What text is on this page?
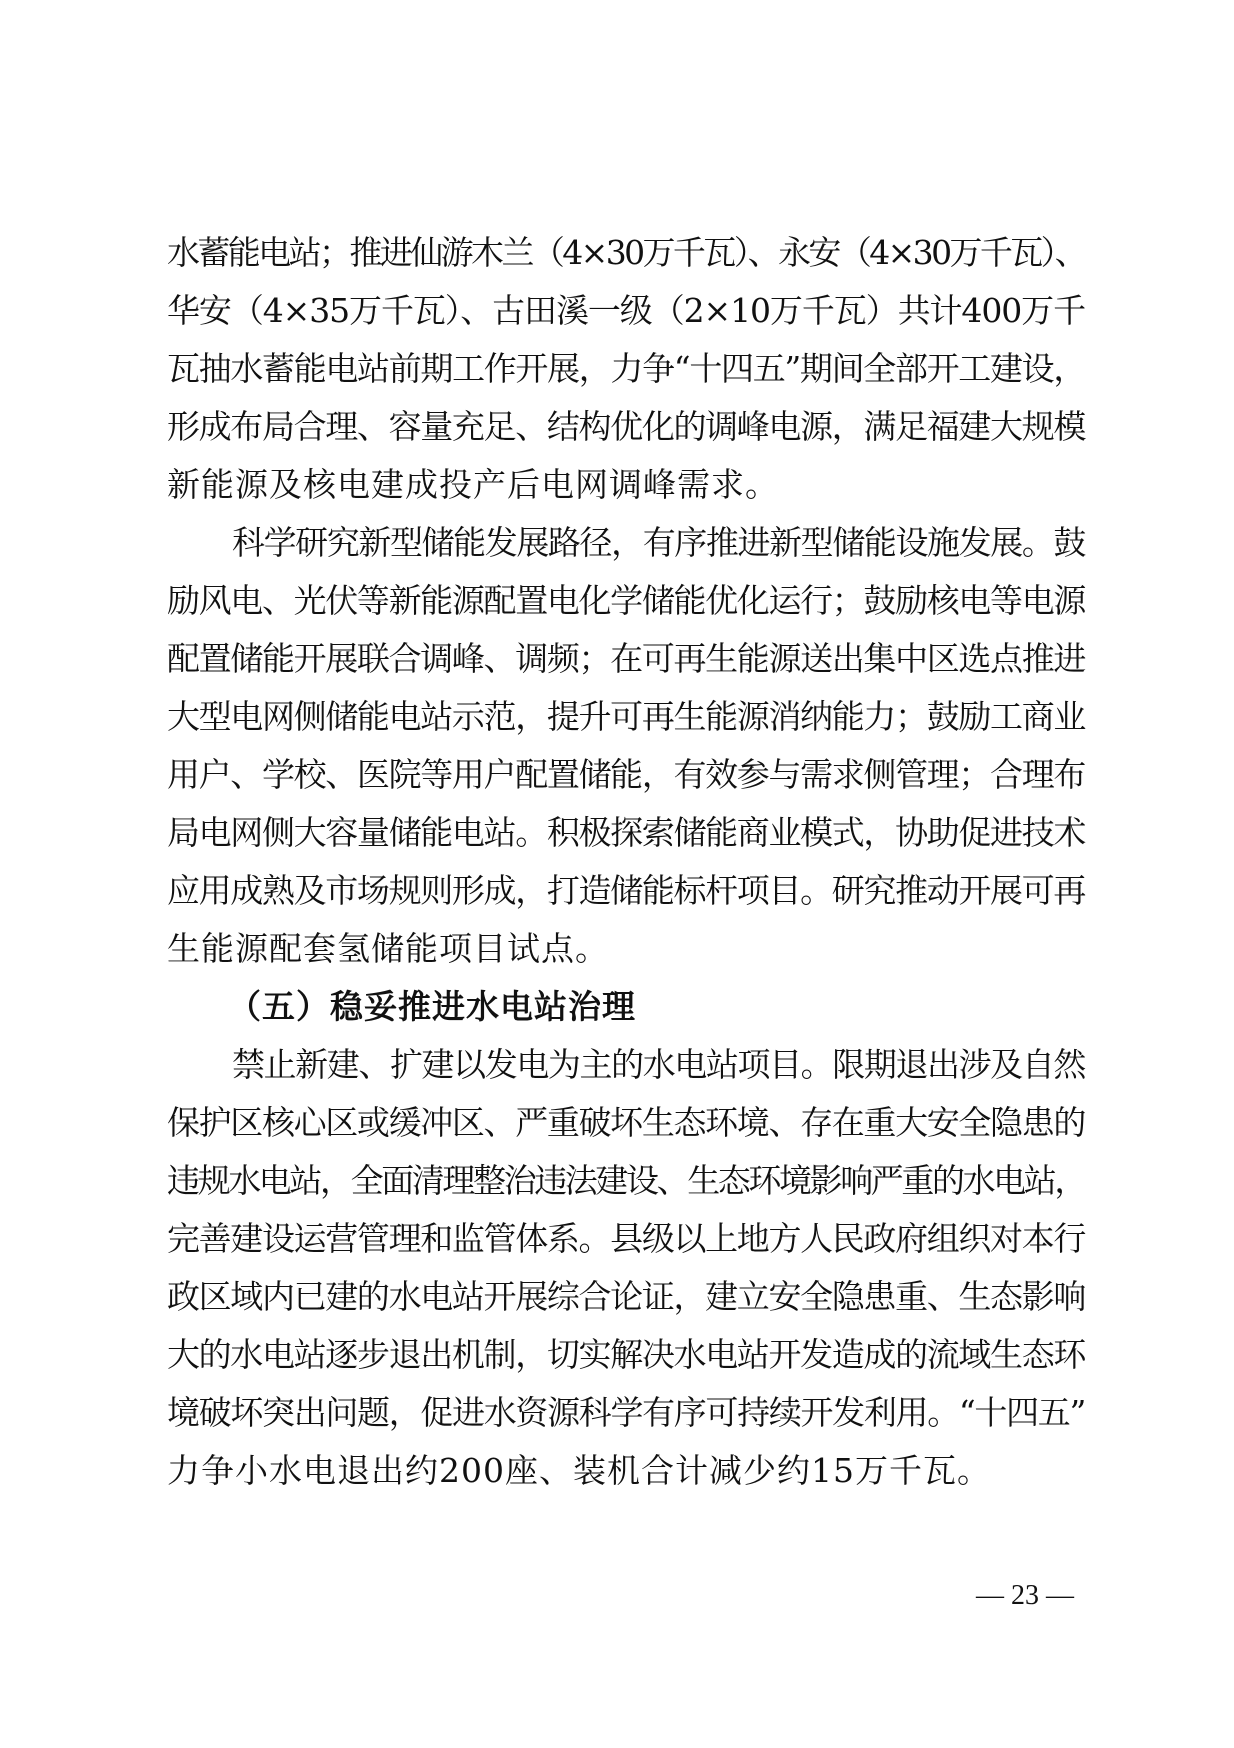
水蓄能电站；推进仙游木兰（4×30万千瓦）、永安（4×30万千瓦）、
华安（4×35万千瓦）、古田溪一级（2×10万千瓦）共计400万千
瓦抽水蓄能电站前期工作开展，力争“十四五”期间全部开工建设，
形成布局合理、容量充足、结构优化的调峰电源，满足福建大规模
新能源及核电建成投产后电网调峰需求。
科学研究新型储能发展路径，有序推进新型储能设施发展。鼓
励风电、光伏等新能源配置电化学储能优化运行；鼓励核电等电源
配置储能开展联合调峰、调频；在可再生能源送出集中区选点推进
大型电网侧储能电站示范，提升可再生能源消纳能力；鼓励工商业
用户、学校、医院等用户配置储能，有效参与需求侧管理；合理布
局电网侧大容量储能电站。积极探索储能商业模式，协助促进技术
应用成熟及市场规则形成，打造储能标杆项目。研究推动开展可再
生能源配套氢储能项目试点。
（五）稳妥推进水电站治理
禁止新建、扩建以发电为主的水电站项目。限期退出涉及自然
保护区核心区或缓冲区、严重破坏生态环境、存在重大安全隐患的
违规水电站，全面清理整治违法建设、生态环境影响严重的水电站，
完善建设运营管理和监管体系。县级以上地方人民政府组织对本行
政区域内已建的水电站开展综合论证，建立安全隐患重、生态影响
大的水电站逐步退出机制，切实解决水电站开发造成的流域生态环
境破坏突出问题，促进水资源科学有序可持续开发利用。“十四五”
力争小水电退出约200座、装机合计减少约15万千瓦。
— 23 —
